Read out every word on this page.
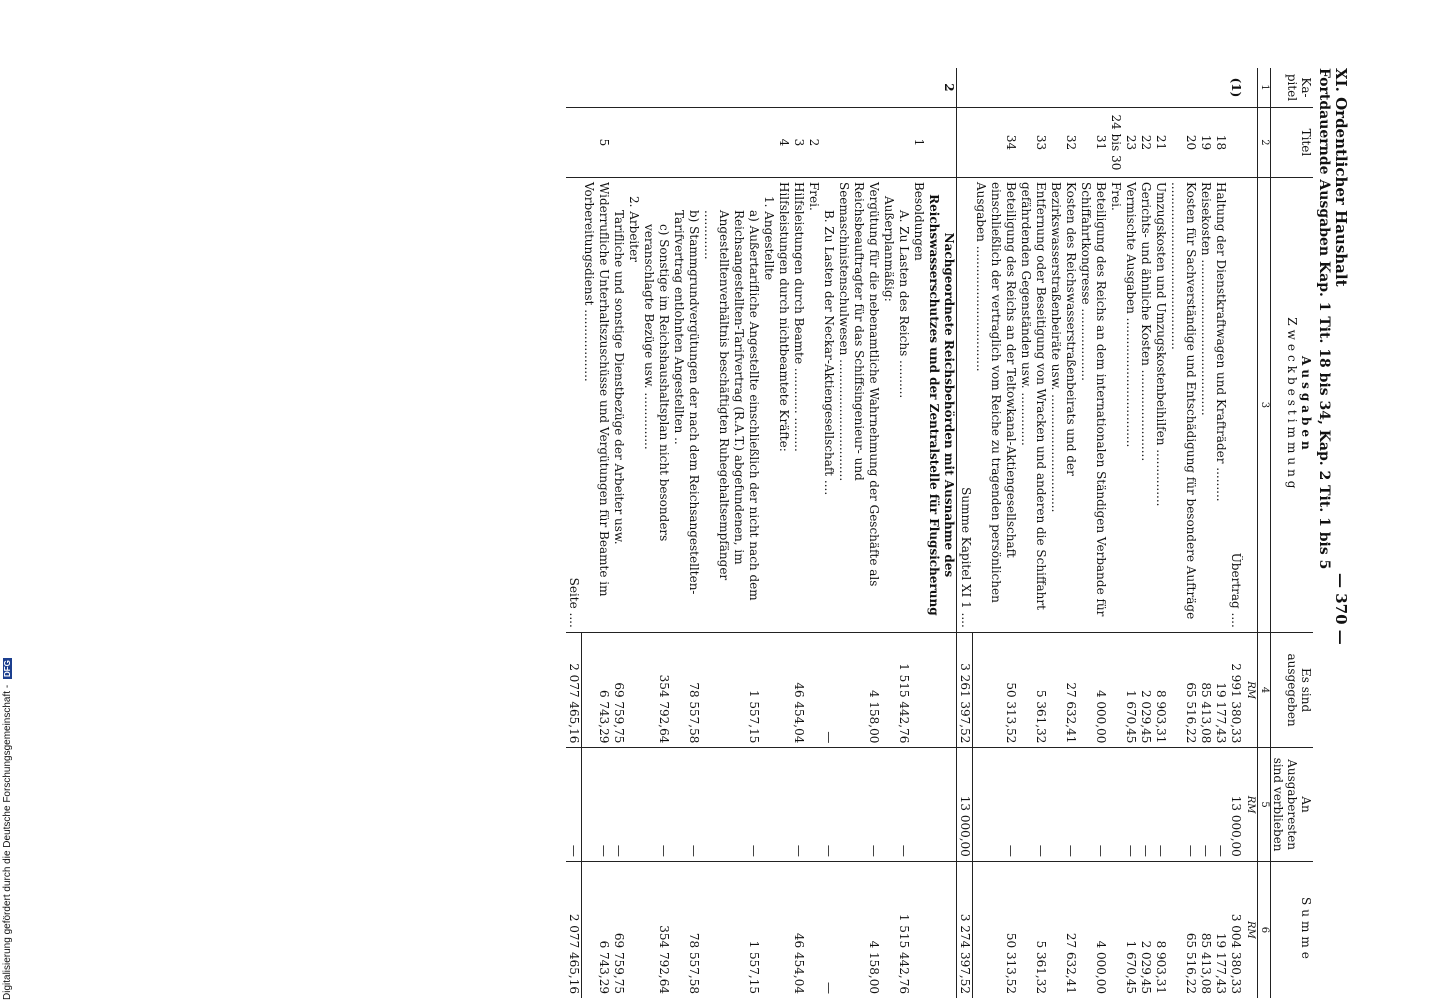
XI. Ordentlicher Haushalt
— 370 —
Fortdauernde Ausgaben Kap. 1 Tit. 18 bis 34, Kap. 2 Tit. 1 bis 5
Ka-pitel	Titel	Ausgaben
Zweckbestimmung	Es sind ausgegeben	An Ausgaberesten sind verblieben	Summe
1	2	3	4	5	6
			RM	RM	RM
(1)		Übertrag ....	2 991 380,33	13 000,00	3 004 380,33
	18	Haltung der Dienstkraftwagen und Krafträder .........	19 177,43	—	19 177,43
	19	Reisekosten .........................................	85 413,08	—	85 413,08
	20	Kosten für Sachverständige und Entschädigung für besondere Aufträge ............................................	65 516,22	—	65 516,22
	21	Umzugskosten und Umzugskostenbeihilfen ...............	8 903,31	—	8 903,31
	22	Gerichts- und ähnliche Kosten ........................	2 029,45	—	2 029,45
	23	Vermischte Ausgaben ..................................	1 670,45	—	1 670,45
	24 bis 30	Frei.			
	31	Beteiligung des Reichs an dem internationalen Ständigen Verbande für Schiffahrtkongresse ...................	4 000,00	—	4 000,00
	32	Kosten des Reichswasserstraßenbeirats und der Bezirkswasserstraßenbeiräte usw. ...............................	27 632,41	—	27 632,41
	33	Entfernung oder Beseitigung von Wracken und anderen die Schiffahrt gefährdenden Gegenständen usw. ..............	5 361,32	—	5 361,32
	34	Beteiligung des Reichs an der Teltowkanal-Aktiengesellschaft einschließlich der vertraglich vom Reiche zu tragenden persönlichen Ausgaben .................................	50 313,52	—	50 313,52
		Summe Kapitel XI 1 ....	3 261 397,52	13 000,00	3 274 397,52
2		Nachgeordnete Reichsbehörden mit Ausnahme des Reichswasserschutzes und der Zentralstelle für Flugsicherung			
	1	Besoldungen			
		A. Zu Lasten des Reichs ..........	1 515 442,76	—	1 515 442,76
		Außerplanmäßig:			
		Vergütung für die nebenamtliche Wahrnehmung der Geschäfte als Reichsbeauftragter für das Schiffsingenieur- und Seemaschinistenschulwesen ................................	4 158,00	—	4 158,00
		B. Zu Lasten der Neckar-Aktiengesellschaft ....	—	—	—
	2	Frei.			
	3	Hilfsleistungen durch Beamte ............ .........	46 454,04	—	46 454,04
	4	Hilfsleistungen durch nichtbeamtete Kräfte:			
		1. Angestellte			
		a) Außertarifliche Angestellte einschließlich der nicht nach dem Reichsangestellten-Tarifvertrag (R.A.T.) abgefundenen, im Angestelltenverhältnis beschäftigten Ruhegehaltsempfänger .............	1 557,15	—	1 557,15
		b) Stammgrundvergütungen der nach dem Reichsangestellten-Tarifvertrag entlohnten Angestellten ..	78 557,58	—	78 557,58
		c) Sonstige im Reichshaushaltsplan nicht besonders veranschlagte Bezüge usw. ...............	354 792,64	—	354 792,64
		2. Arbeiter			
		Tarifliche und sonstige Dienstbezüge der Arbeiter usw.	69 759,75	—	69 759,75
	5	Widerrufliche Unterhaltszuschüsse und Vergütungen für Beamte im Vorbereitungsdienst ...................	6 743,29	—	6 743,29
		Seite ....	2 077 465,16	—	2 077 465,16
Digitalisierung gefördert durch die Deutsche Forschungsgemeinschaft - DFG
